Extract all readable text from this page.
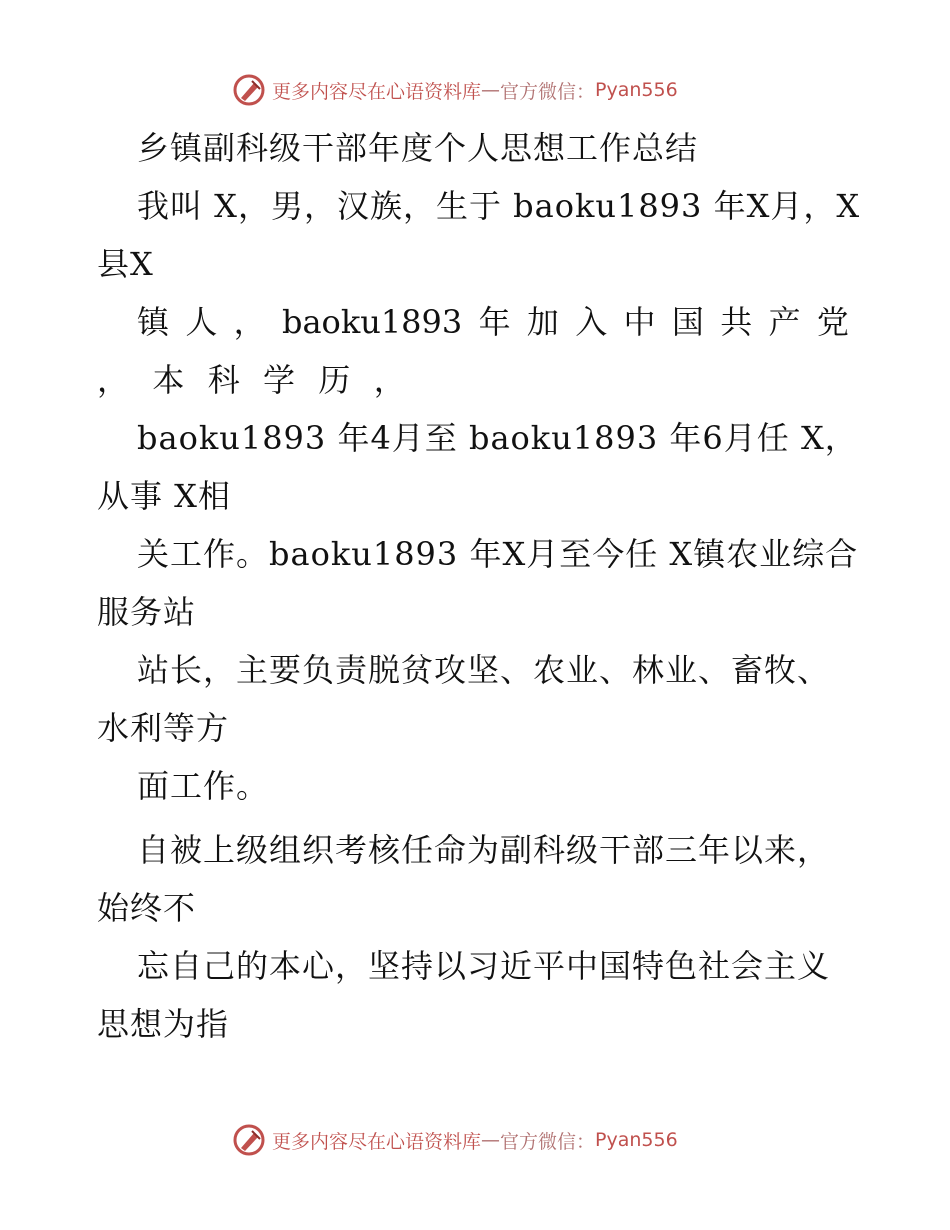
更多内容尽在心语资料库 — 官方微信： Pyan556
乡镇副科级干部年度个人思想工作总结
我叫 X，男，汉族，生于 baoku1893 年X月，X
县X
镇 人 ， baoku1893 年 加 入 中 国 共 产 党
，  本  科  学  历  ，
baoku1893 年4月至 baoku1893 年6月任 X，
从事 X相
关工作。baoku1893 年X月至今任 X镇农业综合
服务站
站长，主要负责脱贫攻坚、农业、林业、畜牧、
水利等方
面工作。
自被上级组织考核任命为副科级干部三年以来，
始终不
忘自己的本心，坚持以习近平中国特色社会主义
思想为指
更多内容尽在心语资料库 — 官方微信： Pyan556
